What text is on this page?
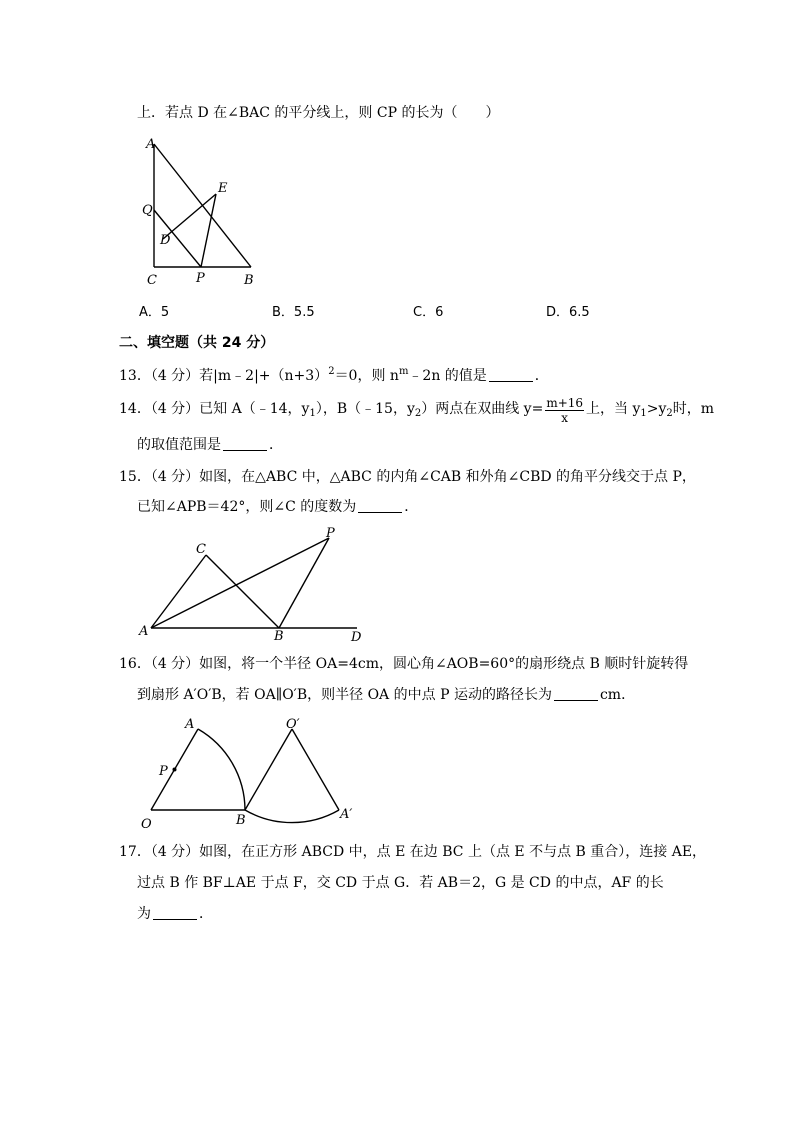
上．若点 D 在∠BAC 的平分线上，则 CP 的长为（　　）
A
Q
E
D
C	P	B
A．5	B．5.5	C．6	D．6.5
二、填空题（共 24 分）
13．（4 分）若$|m﹣2|+(n+3)^2=0$，则 $n^m﹣2n$ 的值是	．
14．（4 分）已知 A（﹣14，$y_1$），B（﹣15，$y_2$）两点在双曲线 $y= \frac{m+16}{x}$ 上，当 $y_1>y_2$时，m
的取值范围是	．
15．（4 分）如图，在△ABC 中，△ABC 的内角∠CAB 和外角∠CBD 的角平分线交于点 P，
已知∠APB＝42°，则∠C 的度数为	．
C
P
A	B	D
16．（4 分）如图，将一个半径 OA=4cm，圆心角∠AOB=60°的扇形绕点 B 顺时针旋转得
到扇形 A′O′B，若 OA∥O′B，则半径 OA 的中点 P 运动的路径长为	cm．
A	O′
P
O	B	A′
17．（4 分）如图，在正方形 ABCD 中，点 E 在边 BC 上（点 E 不与点 B 重合），连接 AE，
过点 B 作 BF⊥AE 于点 F，交 CD 于点 G．若 AB＝2，G 是 CD 的中点，AF 的长
为	．
